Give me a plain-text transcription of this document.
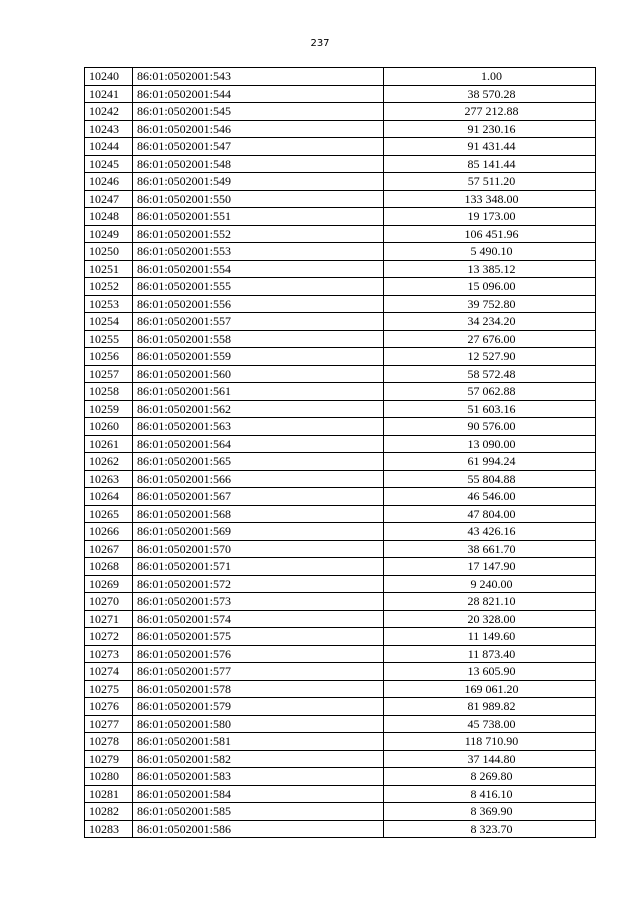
237
10240	86:01:0502001:543	1.00
10241	86:01:0502001:544	38 570.28
10242	86:01:0502001:545	277 212.88
10243	86:01:0502001:546	91 230.16
10244	86:01:0502001:547	91 431.44
10245	86:01:0502001:548	85 141.44
10246	86:01:0502001:549	57 511.20
10247	86:01:0502001:550	133 348.00
10248	86:01:0502001:551	19 173.00
10249	86:01:0502001:552	106 451.96
10250	86:01:0502001:553	5 490.10
10251	86:01:0502001:554	13 385.12
10252	86:01:0502001:555	15 096.00
10253	86:01:0502001:556	39 752.80
10254	86:01:0502001:557	34 234.20
10255	86:01:0502001:558	27 676.00
10256	86:01:0502001:559	12 527.90
10257	86:01:0502001:560	58 572.48
10258	86:01:0502001:561	57 062.88
10259	86:01:0502001:562	51 603.16
10260	86:01:0502001:563	90 576.00
10261	86:01:0502001:564	13 090.00
10262	86:01:0502001:565	61 994.24
10263	86:01:0502001:566	55 804.88
10264	86:01:0502001:567	46 546.00
10265	86:01:0502001:568	47 804.00
10266	86:01:0502001:569	43 426.16
10267	86:01:0502001:570	38 661.70
10268	86:01:0502001:571	17 147.90
10269	86:01:0502001:572	9 240.00
10270	86:01:0502001:573	28 821.10
10271	86:01:0502001:574	20 328.00
10272	86:01:0502001:575	11 149.60
10273	86:01:0502001:576	11 873.40
10274	86:01:0502001:577	13 605.90
10275	86:01:0502001:578	169 061.20
10276	86:01:0502001:579	81 989.82
10277	86:01:0502001:580	45 738.00
10278	86:01:0502001:581	118 710.90
10279	86:01:0502001:582	37 144.80
10280	86:01:0502001:583	8 269.80
10281	86:01:0502001:584	8 416.10
10282	86:01:0502001:585	8 369.90
10283	86:01:0502001:586	8 323.70
